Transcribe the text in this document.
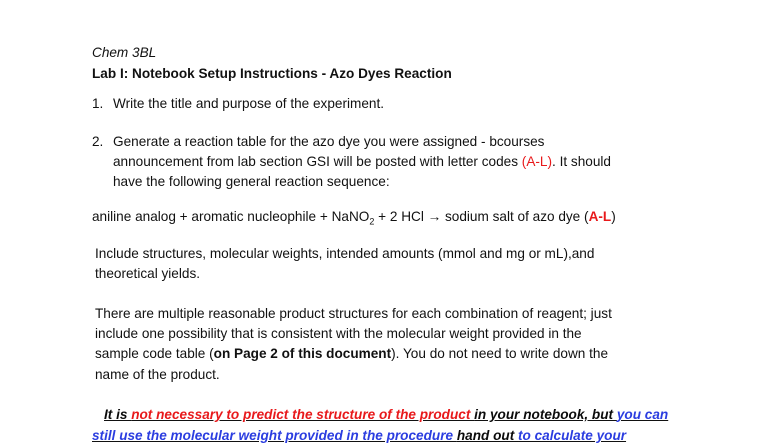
Chem 3BL
Lab I: Notebook Setup Instructions - Azo Dyes Reaction
1. Write the title and purpose of the experiment.
2. Generate a reaction table for the azo dye you were assigned - bcourses
announcement from lab section GSI will be posted with letter codes (A-L). It should
have the following general reaction sequence:
aniline analog + aromatic nucleophile + NaNO$_2$ + 2 HCl → sodium salt of azo dye (A-L)
Include structures, molecular weights, intended amounts (mmol and mg or mL),and
theoretical yields.
There are multiple reasonable product structures for each combination of reagent; just
include one possibility that is consistent with the molecular weight provided in the
sample code table (on Page 2 of this document). You do not need to write down the
name of the product.
It is not necessary to predict the structure of the product in your notebook, but you can
still use the molecular weight provided in the procedure hand out to calculate your
